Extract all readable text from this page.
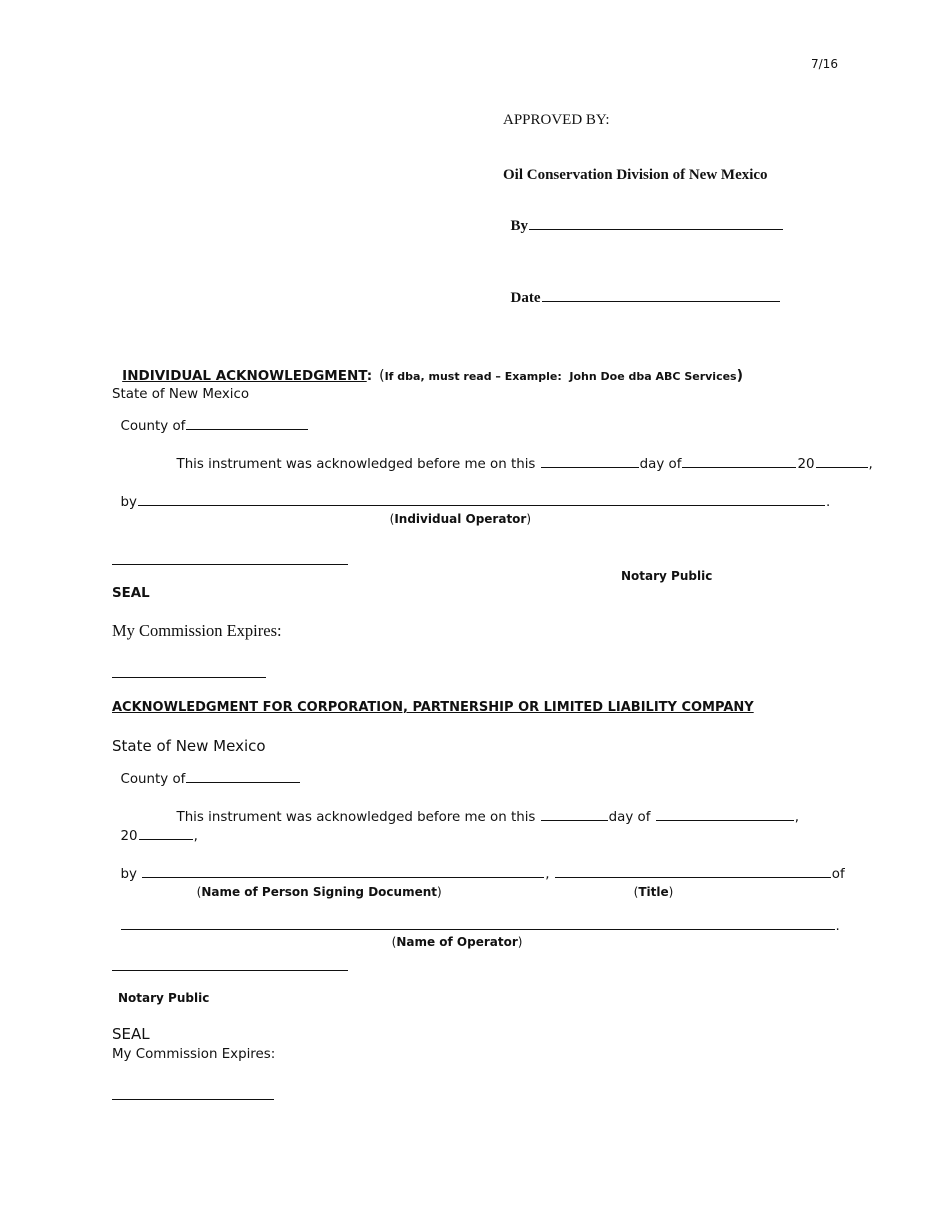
7/16
APPROVED BY:
Oil Conservation Division of New Mexico

By

Date

INDIVIDUAL ACKNOWLEDGMENT: (If dba, must read – Example:  John Doe dba ABC Services)

State of New Mexico

County of

This instrument was acknowledged before me on this	day of	20	,

by	.

(Individual Operator)

Notary Public
SEAL
My Commission Expires:
ACKNOWLEDGMENT FOR CORPORATION, PARTNERSHIP OR LIMITED LIABILITY COMPANY
State of New Mexico

County of

This instrument was acknowledged before me on this	day of	,

20	,

by	,	of

(Name of Person Signing Document)	(Title)

.

(Name of Operator)

Notary Public
SEAL
My Commission Expires:
